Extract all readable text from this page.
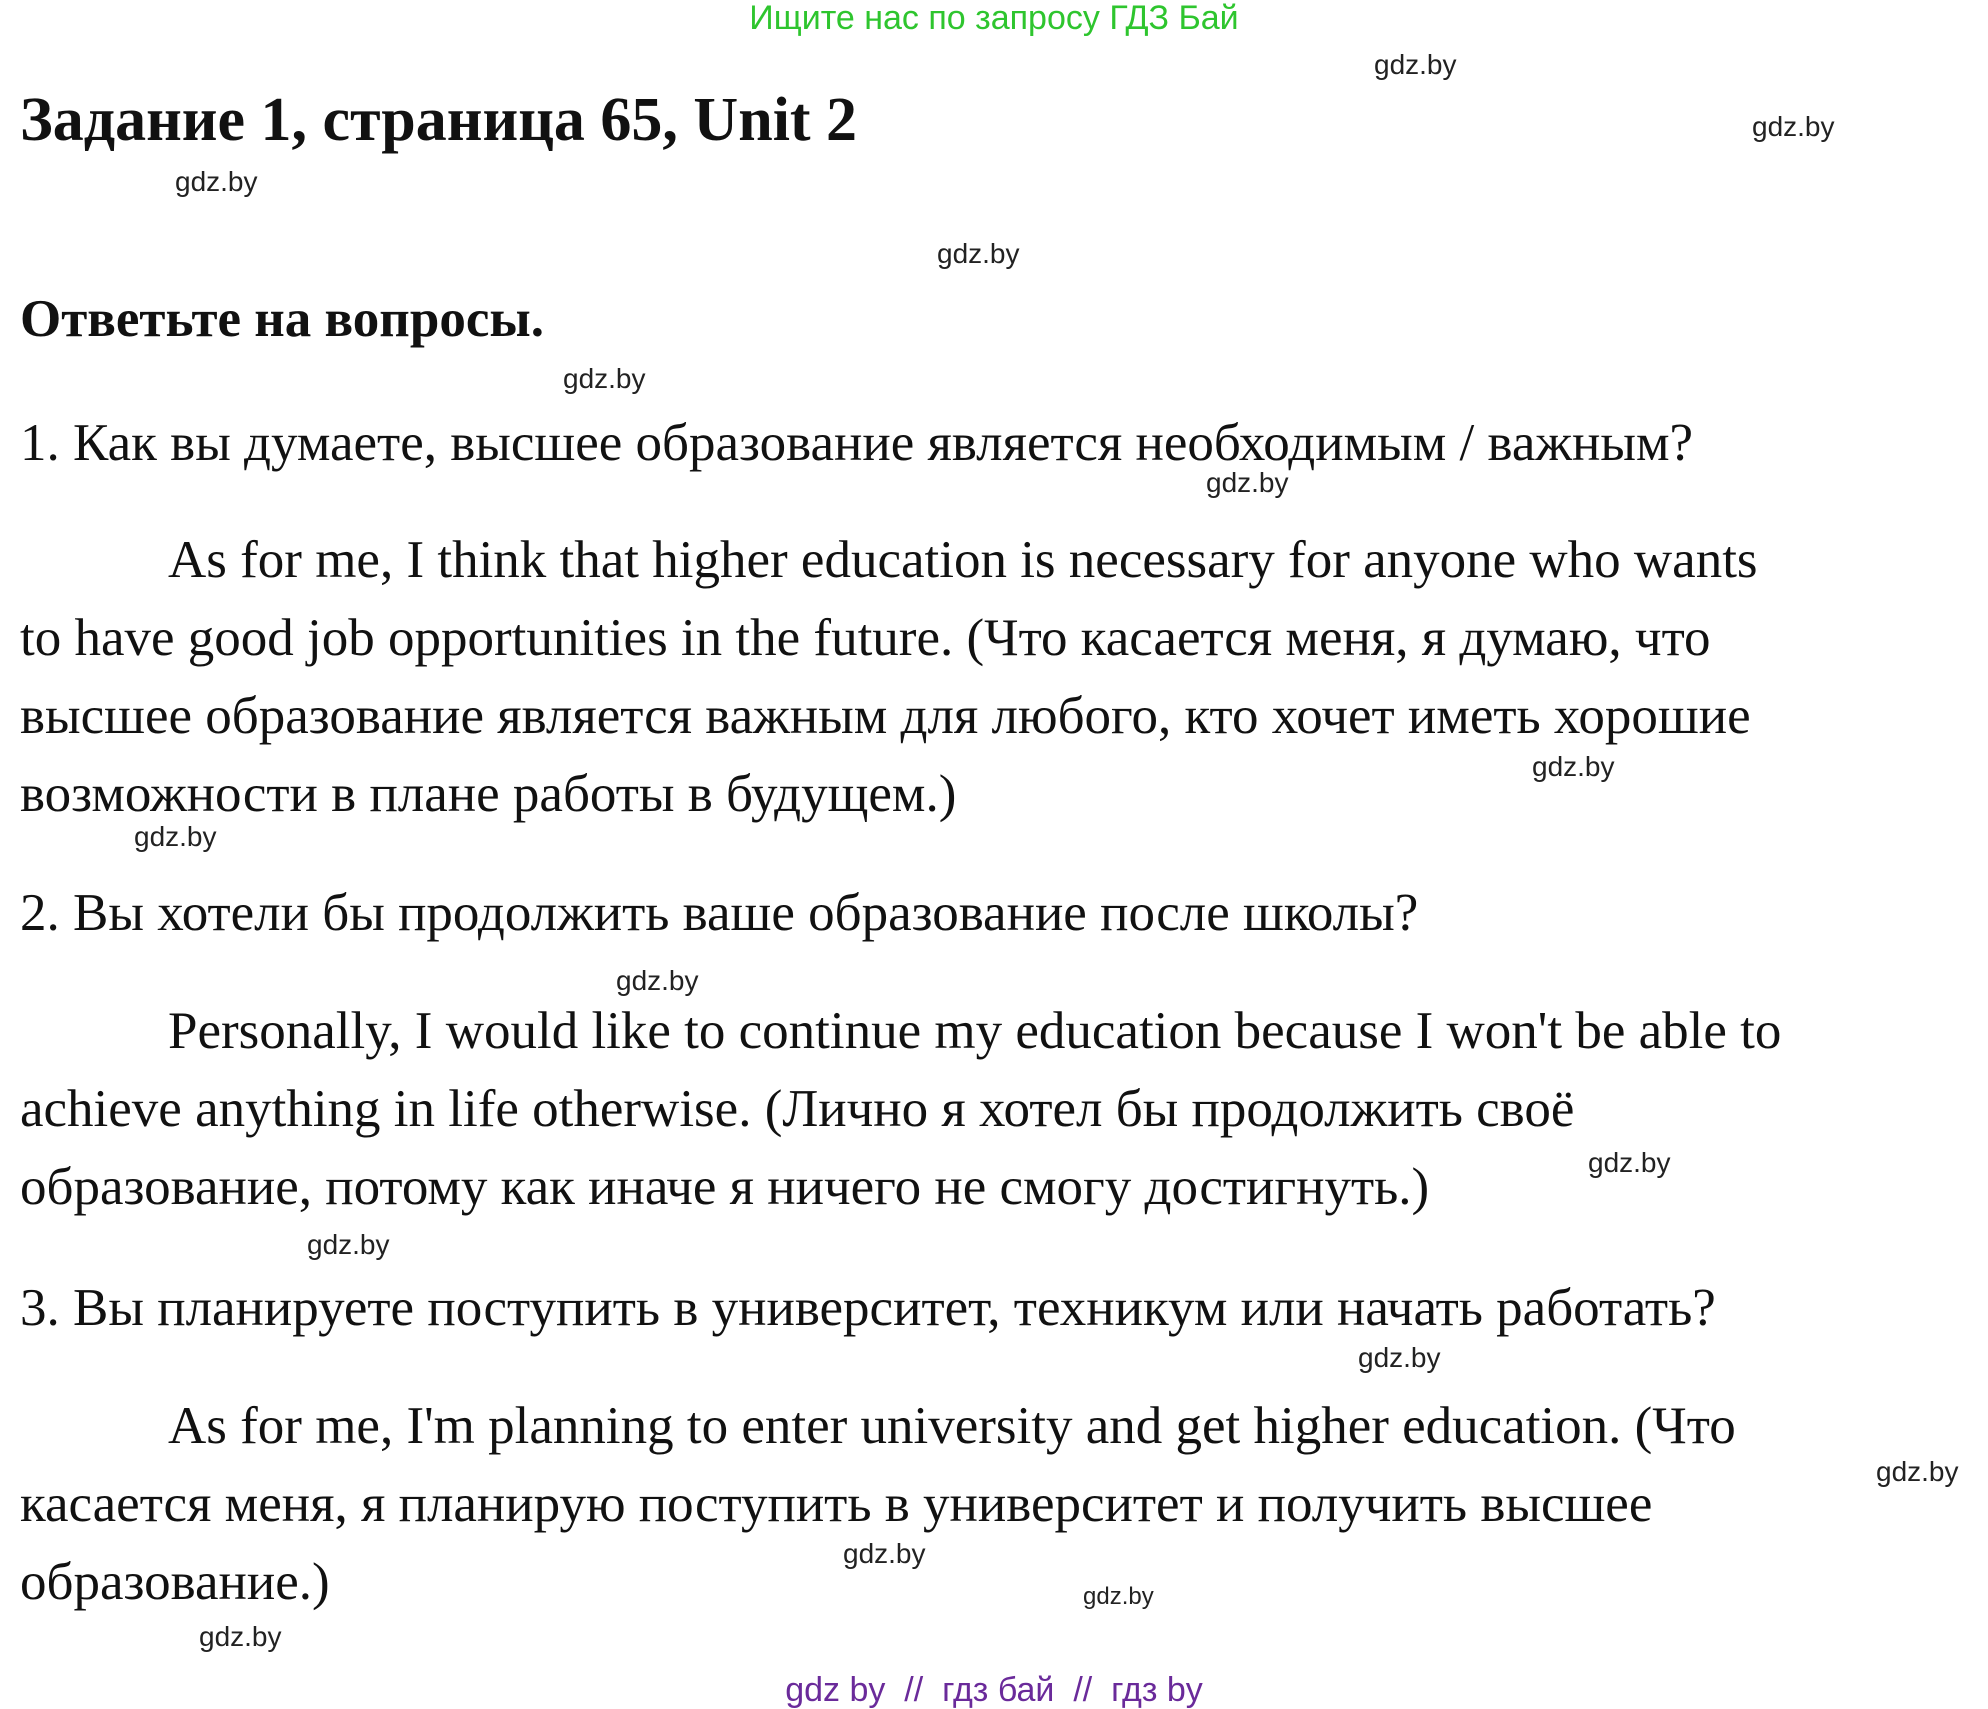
Ищите нас по запросу ГДЗ Бай
Задание 1, страница 65, Unit 2
Ответьте на вопросы.

1. Как вы думаете, высшее образование является необходимым / важным?

As for me, I think that higher education is necessary for anyone who wants
to have good job opportunities in the future. (Что касается меня, я думаю, что
высшее образование является важным для любого, кто хочет иметь хорошие
возможности в плане работы в будущем.)

2. Вы хотели бы продолжить ваше образование после школы?

Personally, I would like to continue my education because I won't be able to
achieve anything in life otherwise. (Лично я хотел бы продолжить своё
образование, потому как иначе я ничего не смогу достигнуть.)

3. Вы планируете поступить в университет, техникум или начать работать?

As for me, I'm planning to enter university and get higher education. (Что
касается меня, я планирую поступить в университет и получить высшее
образование.)
gdz.by
gdz.by
gdz.by
gdz.by
gdz.by
gdz.by
gdz.by
gdz.by
gdz.by
gdz.by
gdz.by
gdz.by
gdz.by
gdz.by
gdz.by
gdz.by
gdz by  //  гдз бай  //  гдз by
